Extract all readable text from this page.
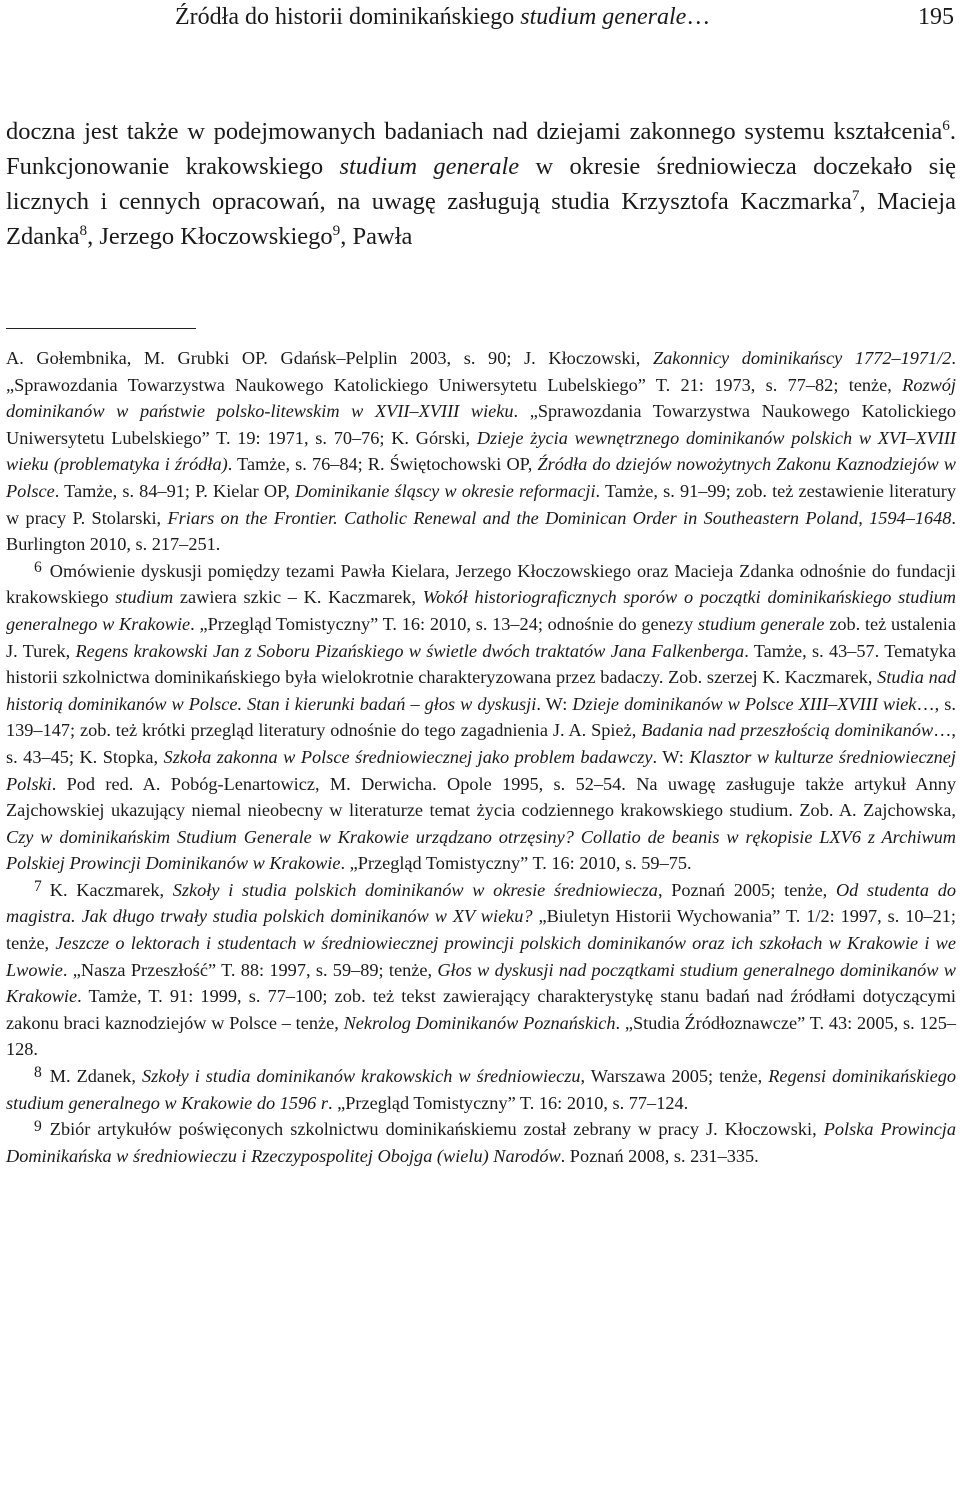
Źródła do historii dominikańskiego studium generale…	195

doczna jest także w podejmowanych badaniach nad dziejami zakonnego systemu kształcenia$^6$. Funkcjonowanie krakowskiego studium generale w okresie średniowiecza doczekało się licznych i cennych opracowań, na uwagę zasługują studia Krzysztofa Kaczmarka$^7$, Macieja Zdanka$^8$, Jerzego Kłoczowskiego$^9$, Pawła

A. Gołembnika, M. Grubki OP. Gdańsk–Pelplin 2003, s. 90; J. Kłoczowski, Zakonnicy dominikańscy 1772–1971/2. „Sprawozdania Towarzystwa Naukowego Katolickiego Uniwersytetu Lubelskiego” T. 21: 1973, s. 77–82; tenże, Rozwój dominikanów w państwie polsko-litewskim w XVII–XVIII wieku. „Sprawozdania Towarzystwa Naukowego Katolickiego Uniwersytetu Lubelskiego” T. 19: 1971, s. 70–76; K. Górski, Dzieje życia wewnętrznego dominikanów polskich w XVI–XVIII wieku (problematyka i źródła). Tamże, s. 76–84; R. Świętochowski OP, Źródła do dziejów nowożytnych Zakonu Kaznodziejów w Polsce. Tamże, s. 84–91; P. Kielar OP, Dominikanie śląscy w okresie reformacji. Tamże, s. 91–99; zob. też zestawienie literatury w pracy P. Stolarski, Friars on the Frontier. Catholic Renewal and the Dominican Order in Southeastern Poland, 1594–1648. Burlington 2010, s. 217–251.

$^6$ Omówienie dyskusji pomiędzy tezami Pawła Kielara, Jerzego Kłoczowskiego oraz Macieja Zdanka odnośnie do fundacji krakowskiego studium zawiera szkic – K. Kaczmarek, Wokół historiograficznych sporów o początki dominikańskiego studium generalnego w Krakowie. „Przegląd Tomistyczny” T. 16: 2010, s. 13–24; odnośnie do genezy studium generale zob. też ustalenia J. Turek, Regens krakowski Jan z Soboru Pizańskiego w świetle dwóch traktatów Jana Falkenberga. Tamże, s. 43–57. Tematyka historii szkolnictwa dominikańskiego była wielokrotnie charakteryzowana przez badaczy. Zob. szerzej K. Kaczmarek, Studia nad historią dominikanów w Polsce. Stan i kierunki badań – głos w dyskusji. W: Dzieje dominikanów w Polsce XIII–XVIII wiek…, s. 139–147; zob. też krótki przegląd literatury odnośnie do tego zagadnienia J. A. Spież, Badania nad przeszłością dominikanów…, s. 43–45; K. Stopka, Szkoła zakonna w Polsce średniowiecznej jako problem badawczy. W: Klasztor w kulturze średniowiecznej Polski. Pod red. A. Pobóg-Lenartowicz, M. Derwicha. Opole 1995, s. 52–54. Na uwagę zasługuje także artykuł Anny Zajchowskiej ukazujący niemal nieobecny w literaturze temat życia codziennego krakowskiego studium. Zob. A. Zajchowska, Czy w dominikańskim Studium Generale w Krakowie urządzano otrzęsiny? Collatio de beanis w rękopisie LXV6 z Archiwum Polskiej Prowincji Dominikanów w Krakowie. „Przegląd Tomistyczny” T. 16: 2010, s. 59–75.

$^7$ K. Kaczmarek, Szkoły i studia polskich dominikanów w okresie średniowiecza, Poznań 2005; tenże, Od studenta do magistra. Jak długo trwały studia polskich dominikanów w XV wieku? „Biuletyn Historii Wychowania” T. 1/2: 1997, s. 10–21; tenże, Jeszcze o lektorach i studentach w średniowiecznej prowincji polskich dominikanów oraz ich szkołach w Krakowie i we Lwowie. „Nasza Przeszłość” T. 88: 1997, s. 59–89; tenże, Głos w dyskusji nad początkami studium generalnego dominikanów w Krakowie. Tamże, T. 91: 1999, s. 77–100; zob. też tekst zawierający charakterystykę stanu badań nad źródłami dotyczącymi zakonu braci kaznodziejów w Polsce – tenże, Nekrolog Dominikanów Poznańskich. „Studia Źródłoznawcze” T. 43: 2005, s. 125–128.

$^8$ M. Zdanek, Szkoły i studia dominikanów krakowskich w średniowieczu, Warszawa 2005; tenże, Regensi dominikańskiego studium generalnego w Krakowie do 1596 r. „Przegląd Tomistyczny” T. 16: 2010, s. 77–124.

$^9$ Zbiór artykułów poświęconych szkolnictwu dominikańskiemu został zebrany w pracy J. Kłoczowski, Polska Prowincja Dominikańska w średniowieczu i Rzeczypospolitej Obojga (wielu) Narodów. Poznań 2008, s. 231–335.
